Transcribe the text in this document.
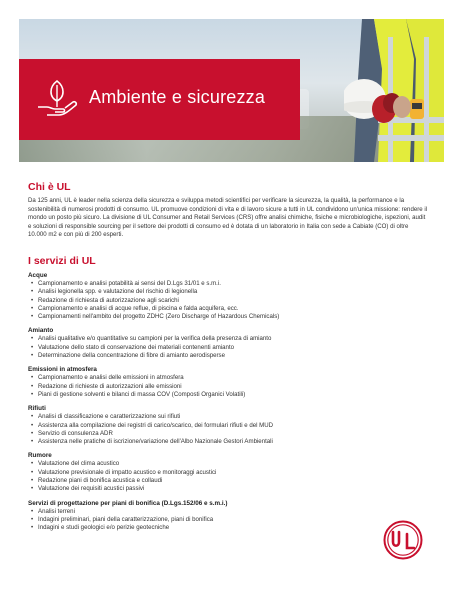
Ambiente e sicurezza
Chi è UL

Da 125 anni, UL è leader nella scienza della sicurezza e sviluppa metodi scientifici per verificare la sicurezza, la qualità, la performance e la sostenibilità di numerosi prodotti di consumo. UL promuove condizioni di vita e di lavoro sicure a tutti in UL condividono un'unica missione: rendere il mondo un posto più sicuro. La divisione di UL Consumer and Retail Services (CRS) offre analisi chimiche, fisiche e microbiologiche, ispezioni, audit e soluzioni di responsible sourcing per il settore dei prodotti di consumo ed è dotata di un laboratorio in Italia con sede a Cabiate (CO) di oltre 10.000 m2 e con più di 200 esperti.

I servizi di UL
Acque
• Campionamento e analisi potabilità ai sensi del D.Lgs 31/01 e s.m.i.
• Analisi legionella spp. e valutazione del rischio di legionella
• Redazione di richiesta di autorizzazione agli scarichi
• Campionamento e analisi di acque reflue, di piscina e falda acquifera, ecc.
• Campionamenti nell'ambito del progetto ZDHC (Zero Discharge of Hazardous Chemicals)
Amianto
• Analisi qualitative e/o quantitative su campioni per la verifica della presenza di amianto
• Valutazione dello stato di conservazione dei materiali contenenti amianto
• Determinazione della concentrazione di fibre di amianto aerodisperse
Emissioni in atmosfera
• Campionamento e analisi delle emissioni in atmosfera
• Redazione di richieste di autorizzazioni alle emissioni
• Piani di gestione solventi e bilanci di massa COV (Composti Organici Volatili)
Rifiuti
• Analisi di classificazione e caratterizzazione sui rifiuti
• Assistenza alla compilazione dei registri di carico/scarico, dei formulari rifiuti e del MUD
• Servizio di consulenza ADR
• Assistenza nelle pratiche di iscrizione/variazione dell'Albo Nazionale Gestori Ambientali
Rumore
• Valutazione del clima acustico
• Valutazione previsionale di impatto acustico e monitoraggi acustici
• Redazione piani di bonifica acustica e collaudi
• Valutazione dei requisiti acustici passivi
Servizi di progettazione per piani di bonifica (D.Lgs.152/06 e s.m.i.)
• Analisi terreni
• Indagini preliminari, piani della caratterizzazione, piani di bonifica
• Indagini e studi geologici e/o perizie geotecniche
